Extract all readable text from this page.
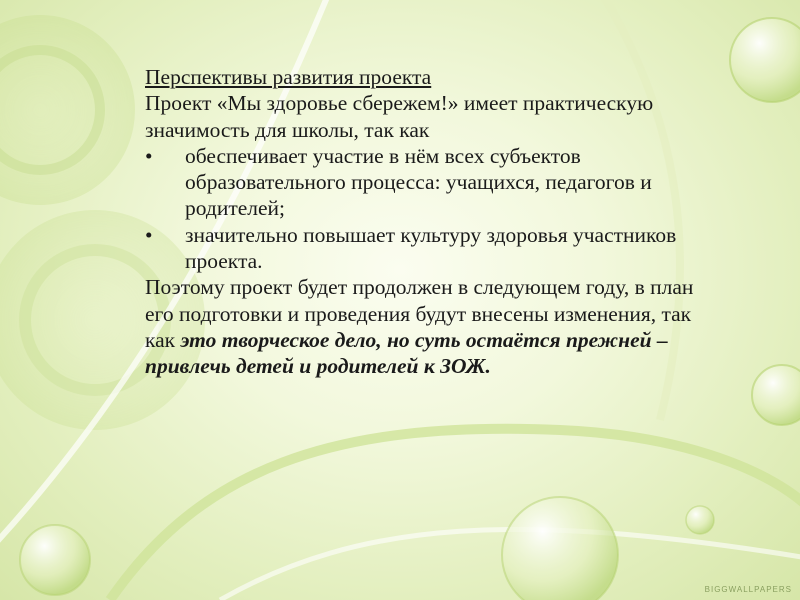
Перспективы развития проекта

Проект «Мы здоровье сбережем!» имеет практическую значимость для школы, так как

•	обеспечивает участие в нём всех субъектов образовательного процесса: учащихся, педагогов и родителей;
•	значительно повышает культуру здоровья участников проекта.

Поэтому проект будет продолжен в следующем году, в план его подготовки и проведения будут внесены изменения, так как это творческое дело, но суть остаётся прежней – привлечь детей и родителей к ЗОЖ.

BIGGWALLPAPERS
